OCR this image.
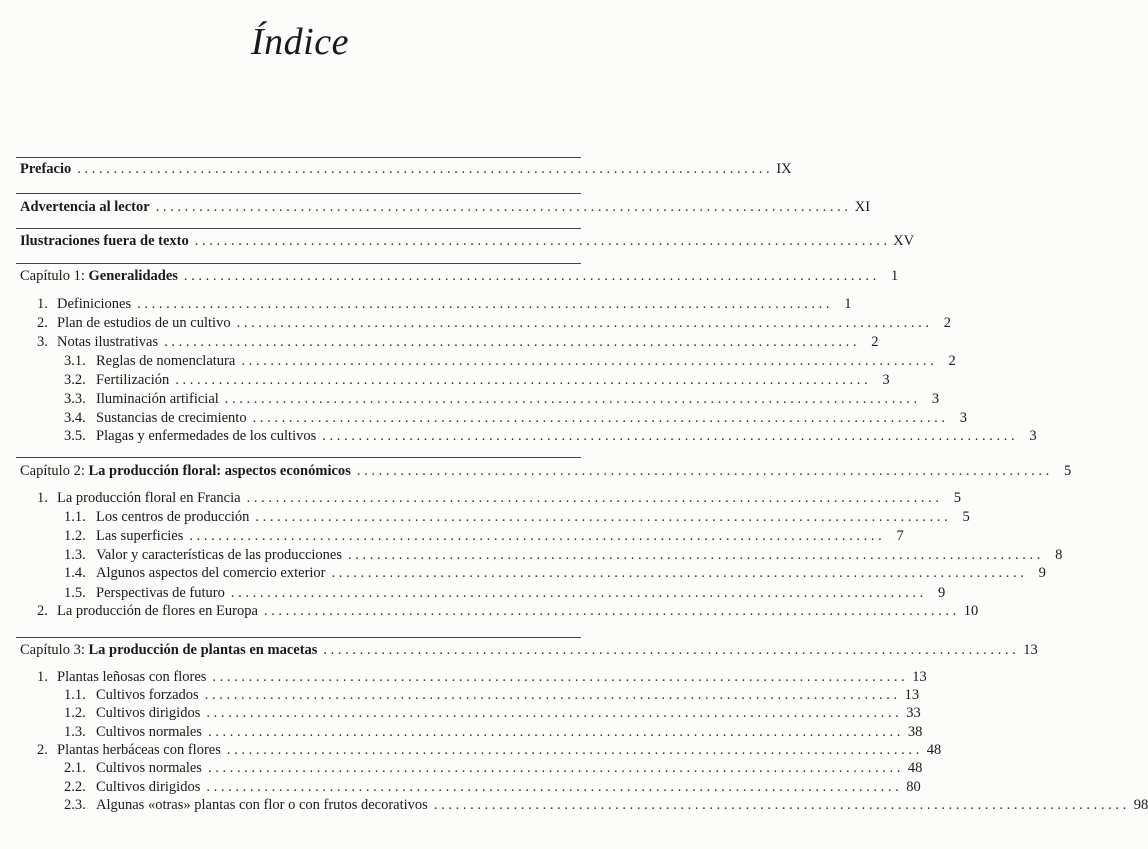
Índice
Prefacio . . .	IX
Advertencia al lector . . .	XI
Ilustraciones fuera de texto . . .	XV
Capítulo 1: Generalidades . . .	1
1. Definiciones . . .	1
2. Plan de estudios de un cultivo . . .	2
3. Notas ilustrativas . . .	2
3.1. Reglas de nomenclatura . . .	2
3.2. Fertilización . . .	3
3.3. Iluminación artificial . . .	3
3.4. Sustancias de crecimiento . . .	3
3.5. Plagas y enfermedades de los cultivos . . .	3
Capítulo 2: La producción floral: aspectos económicos . . .	5
1. La producción floral en Francia . . .	5
1.1. Los centros de producción . . .	5
1.2. Las superficies . . .	7
1.3. Valor y características de las producciones . . .	8
1.4. Algunos aspectos del comercio exterior . . .	9
1.5. Perspectivas de futuro . . .	9
2. La producción de flores en Europa . . .	10
Capítulo 3: La producción de plantas en macetas . . .	13
1. Plantas leñosas con flores . . .	13
1.1. Cultivos forzados . . .	13
1.2. Cultivos dirigidos . . .	33
1.3. Cultivos normales . . .	38
2. Plantas herbáceas con flores . . .	48
2.1. Cultivos normales . . .	48
2.2. Cultivos dirigidos . . .	80
2.3. Algunas «otras» plantas con flor o con frutos decorativos . . .	98
